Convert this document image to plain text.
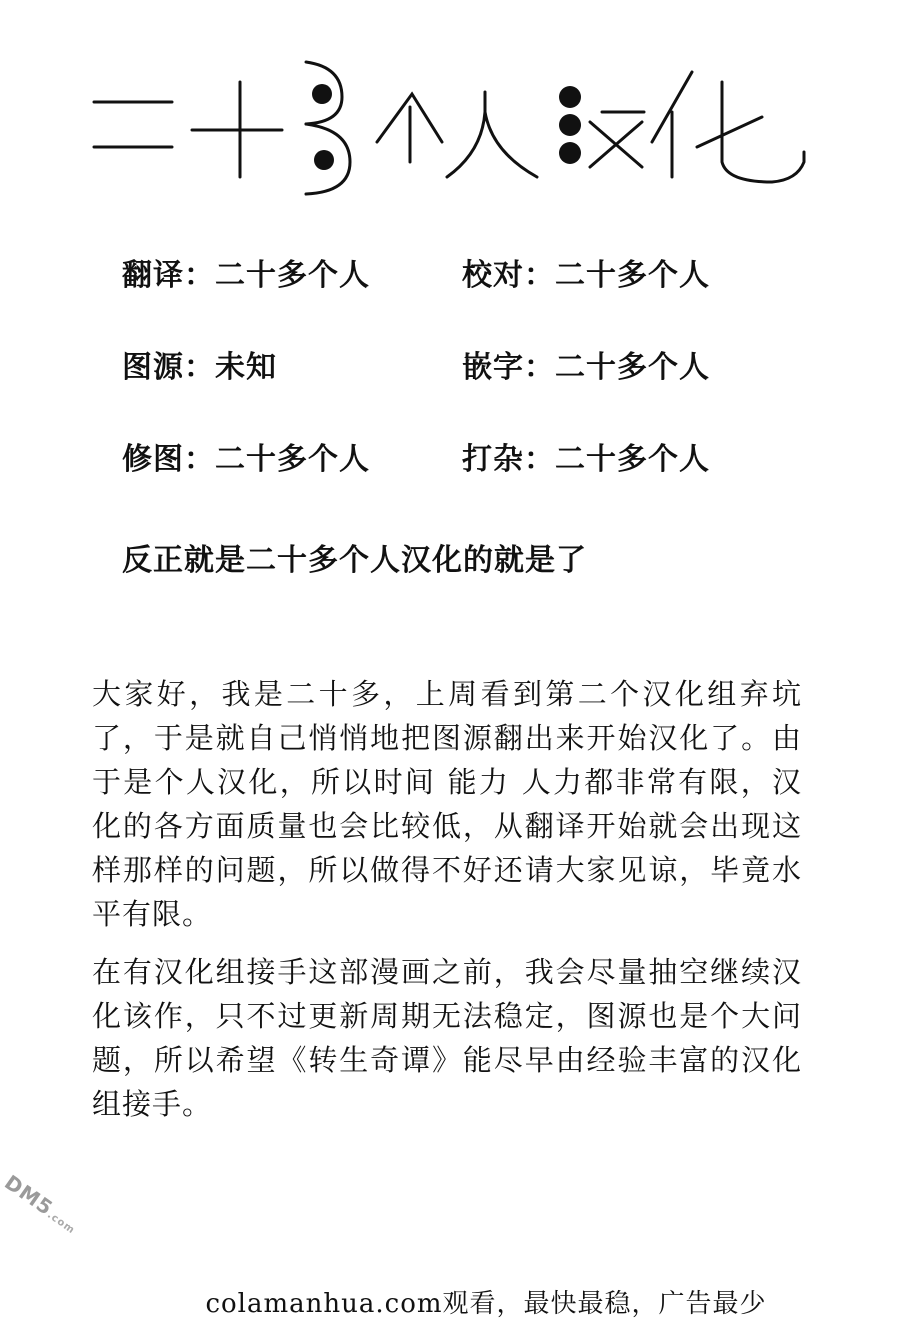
翻译：二十多个人	校对：二十多个人
图源：未知	嵌字：二十多个人
修图：二十多个人	打杂：二十多个人
反正就是二十多个人汉化的就是了

大家好，我是二十多，上周看到第二个汉化组弃坑了，于是就自己悄悄地把图源翻出来开始汉化了。由于是个人汉化，所以时间 能力 人力都非常有限，汉化的各方面质量也会比较低，从翻译开始就会出现这样那样的问题，所以做得不好还请大家见谅，毕竟水平有限。

在有汉化组接手这部漫画之前，我会尽量抽空继续汉化该作，只不过更新周期无法稳定，图源也是个大问题，所以希望《转生奇谭》能尽早由经验丰富的汉化组接手。

DM5.com
colamanhua.com观看，最快最稳，广告最少
